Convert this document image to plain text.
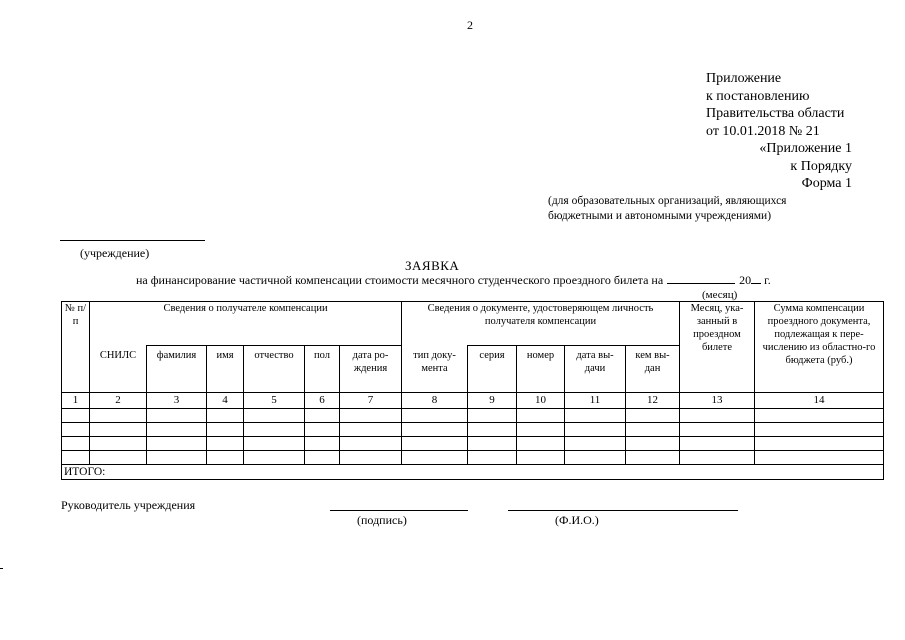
2
Приложение
к постановлению
Правительства области
от 10.01.2018 № 21
«Приложение 1
к Порядку
Форма 1
(для образовательных организаций, являющихся
бюджетными и автономными учреждениями)
(учреждение)
ЗАЯВКА
на финансирование частичной компенсации стоимости месячного студенческого проездного билета на	20 г.
(месяц)
№ п/п	Сведения о получателе компенсации						Сведения о документе, удостоверяющем личность получателя компенсации					Месяц, ука-занный в проездном билете	Сумма компенсации проездного документа, подлежащая к пере-числению из областно-го бюджета (руб.)
	СНИЛС	фамилия	имя	отчество	пол	дата ро-ждения	тип доку-мента	серия	номер	дата вы-дачи	кем вы-дан		
1	2	3	4	5	6	7	8	9	10	11	12	13	14

ИТОГО:													
Руководитель учреждения
(подпись)	(Ф.И.О.)
